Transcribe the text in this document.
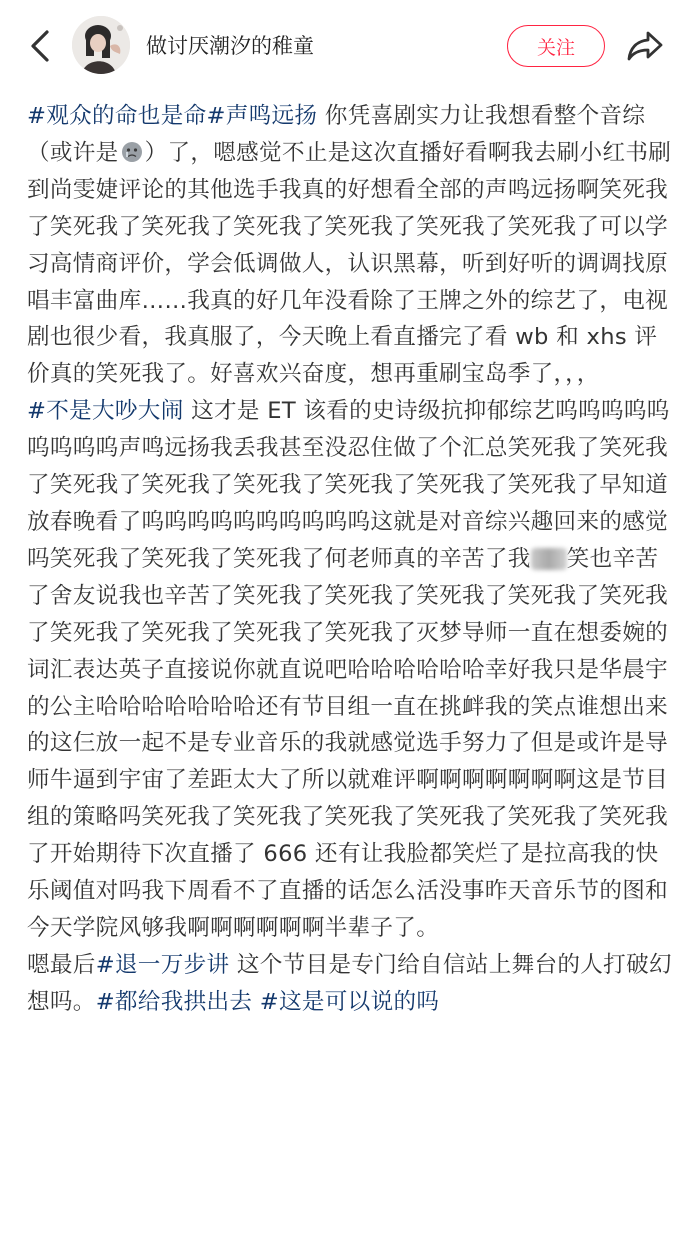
做讨厌潮汐的稚童	关注

#观众的命也是命#声鸣远扬 你凭喜剧实力让我想看整个音综（或许是 ）了，嗯感觉不止是这次直播好看啊我去刷小红书刷到尚雯婕评论的其他选手我真的好想看全部的声鸣远扬啊笑死我了笑死我了笑死我了笑死我了笑死我了笑死我了笑死我了可以学习高情商评价，学会低调做人，认识黑幕，听到好听的调调找原唱丰富曲库……我真的好几年没看除了王牌之外的综艺了，电视剧也很少看，我真服了，今天晚上看直播完了看 wb 和 xhs 评价真的笑死我了。好喜欢兴奋度，想再重刷宝岛季了，，，

#不是大吵大闹 这才是 ET 该看的史诗级抗抑郁综艺呜呜呜呜呜呜呜呜呜声鸣远扬我丢我甚至没忍住做了个汇总笑死我了笑死我了笑死我了笑死我了笑死我了笑死我了笑死我了笑死我了早知道放春晚看了呜呜呜呜呜呜呜呜呜呜这就是对音综兴趣回来的感觉吗笑死我了笑死我了笑死我了何老师真的辛苦了我 笑也辛苦了舍友说我也辛苦了笑死我了笑死我了笑死我了笑死我了笑死我了笑死我了笑死我了笑死我了笑死我了灭梦导师一直在想委婉的词汇表达英子直接说你就直说吧哈哈哈哈哈哈幸好我只是华晨宇的公主哈哈哈哈哈哈哈还有节目组一直在挑衅我的笑点谁想出来的这仨放一起不是专业音乐的我就感觉选手努力了但是或许是导师牛逼到宇宙了差距太大了所以就难评啊啊啊啊啊啊啊这是节目组的策略吗笑死我了笑死我了笑死我了笑死我了笑死我了笑死我了开始期待下次直播了 666 还有让我脸都笑烂了是拉高我的快乐阈值对吗我下周看不了直播的话怎么活没事昨天音乐节的图和今天学院风够我啊啊啊啊啊啊半辈子了。

嗯最后#退一万步讲 这个节目是专门给自信站上舞台的人打破幻想吗。#都给我拱出去 #这是可以说的吗
